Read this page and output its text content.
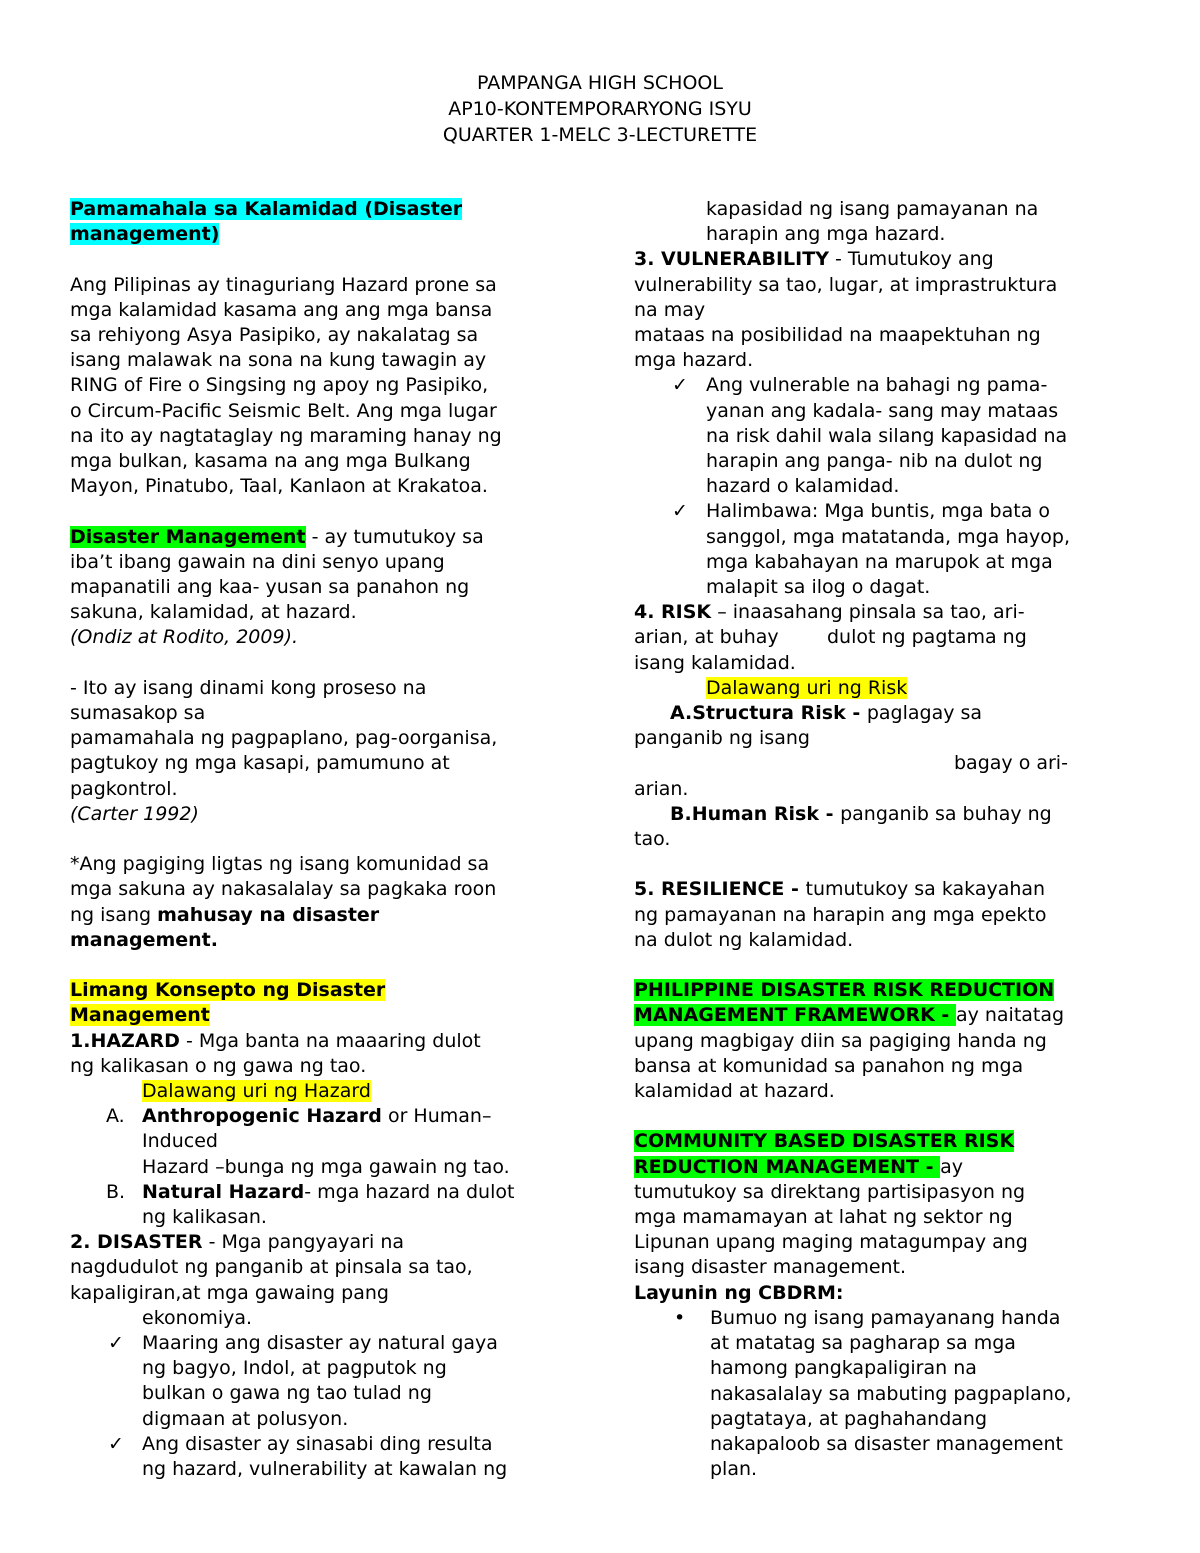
PAMPANGA HIGH SCHOOL
AP10-KONTEMPORARYONG ISYU
QUARTER 1-MELC 3-LECTURETTE

Pamamahala sa Kalamidad (Disaster
management)

Ang Pilipinas ay tinaguriang Hazard prone sa

mga kalamidad kasama ang ang mga bansa

sa rehiyong Asya Pasipiko, ay nakalatag sa

isang malawak na sona na kung tawagin ay

RING of Fire o Singsing ng apoy ng Pasipiko,

o Circum-Pacific Seismic Belt. Ang mga lugar

na ito ay nagtataglay ng maraming hanay ng

mga bulkan, kasama na ang mga Bulkang

Mayon, Pinatubo, Taal, Kanlaon at Krakatoa.

Disaster Management - ay tumutukoy sa

iba’t ibang gawain na dini senyo upang

mapanatili ang kaa- yusan sa panahon ng

sakuna, kalamidad, at hazard.

(Ondiz at Rodito, 2009).

- Ito ay isang dinami kong proseso na

sumasakop sa

pamamahala ng pagpaplano, pag-oorganisa,

pagtukoy ng mga kasapi, pamumuno at

pagkontrol.

(Carter 1992)

*Ang pagiging ligtas ng isang komunidad sa

mga sakuna ay nakasalalay sa pagkaka roon

ng isang mahusay na disaster

management.

Limang Konsepto ng Disaster
Management

1.HAZARD - Mga banta na maaaring dulot

ng kalikasan o ng gawa ng tao.

Dalawang uri ng Hazard

A. Anthropogenic Hazard or Human–
Induced
Hazard –bunga ng mga gawain ng tao.
B. Natural Hazard- mga hazard na dulot
ng kalikasan.

2. DISASTER - Mga pangyayari na

nagdudulot ng panganib at pinsala sa tao,

kapaligiran,at mga gawaing pang

ekonomiya.

✓ Maaring ang disaster ay natural gaya
ng bagyo, Indol, at pagputok ng
bulkan o gawa ng tao tulad ng
digmaan at polusyon.
✓ Ang disaster ay sinasabi ding resulta
ng hazard, vulnerability at kawalan ng

kapasidad ng isang pamayanan na

harapin ang mga hazard.

3. VULNERABILITY - Tumutukoy ang

vulnerability sa tao, lugar, at imprastruktura

na may

mataas na posibilidad na maapektuhan ng

mga hazard.

✓ Ang vulnerable na bahagi ng pama-
yanan ang kadala- sang may mataas
na risk dahil wala silang kapasidad na
harapin ang panga- nib na dulot ng
hazard o kalamidad.
✓ Halimbawa: Mga buntis, mga bata o
sanggol, mga matatanda, mga hayop,
mga kabahayan na marupok at mga
malapit sa ilog o dagat.

4. RISK – inaasahang pinsala sa tao, ari-

arian, at buhay        dulot ng pagtama ng

isang kalamidad.

Dalawang uri ng Risk

A.Structura Risk - paglagay sa

panganib ng isang

bagay o ari-

arian.

B.Human Risk - panganib sa buhay ng

tao.

5. RESILIENCE - tumutukoy sa kakayahan

ng pamayanan na harapin ang mga epekto

na dulot ng kalamidad.

PHILIPPINE DISASTER RISK REDUCTION

MANAGEMENT FRAMEWORK - ay naitatag

upang magbigay diin sa pagiging handa ng

bansa at komunidad sa panahon ng mga

kalamidad at hazard.

COMMUNITY BASED DISASTER RISK

REDUCTION MANAGEMENT - ay

tumutukoy sa direktang partisipasyon ng

mga mamamayan at lahat ng sektor ng

Lipunan upang maging matagumpay ang

isang disaster management.

Layunin ng CBDRM:

• Bumuo ng isang pamayanang handa
at matatag sa pagharap sa mga
hamong pangkapaligiran na
nakasalalay sa mabuting pagpaplano,
pagtataya, at paghahandang
nakapaloob sa disaster management
plan.
